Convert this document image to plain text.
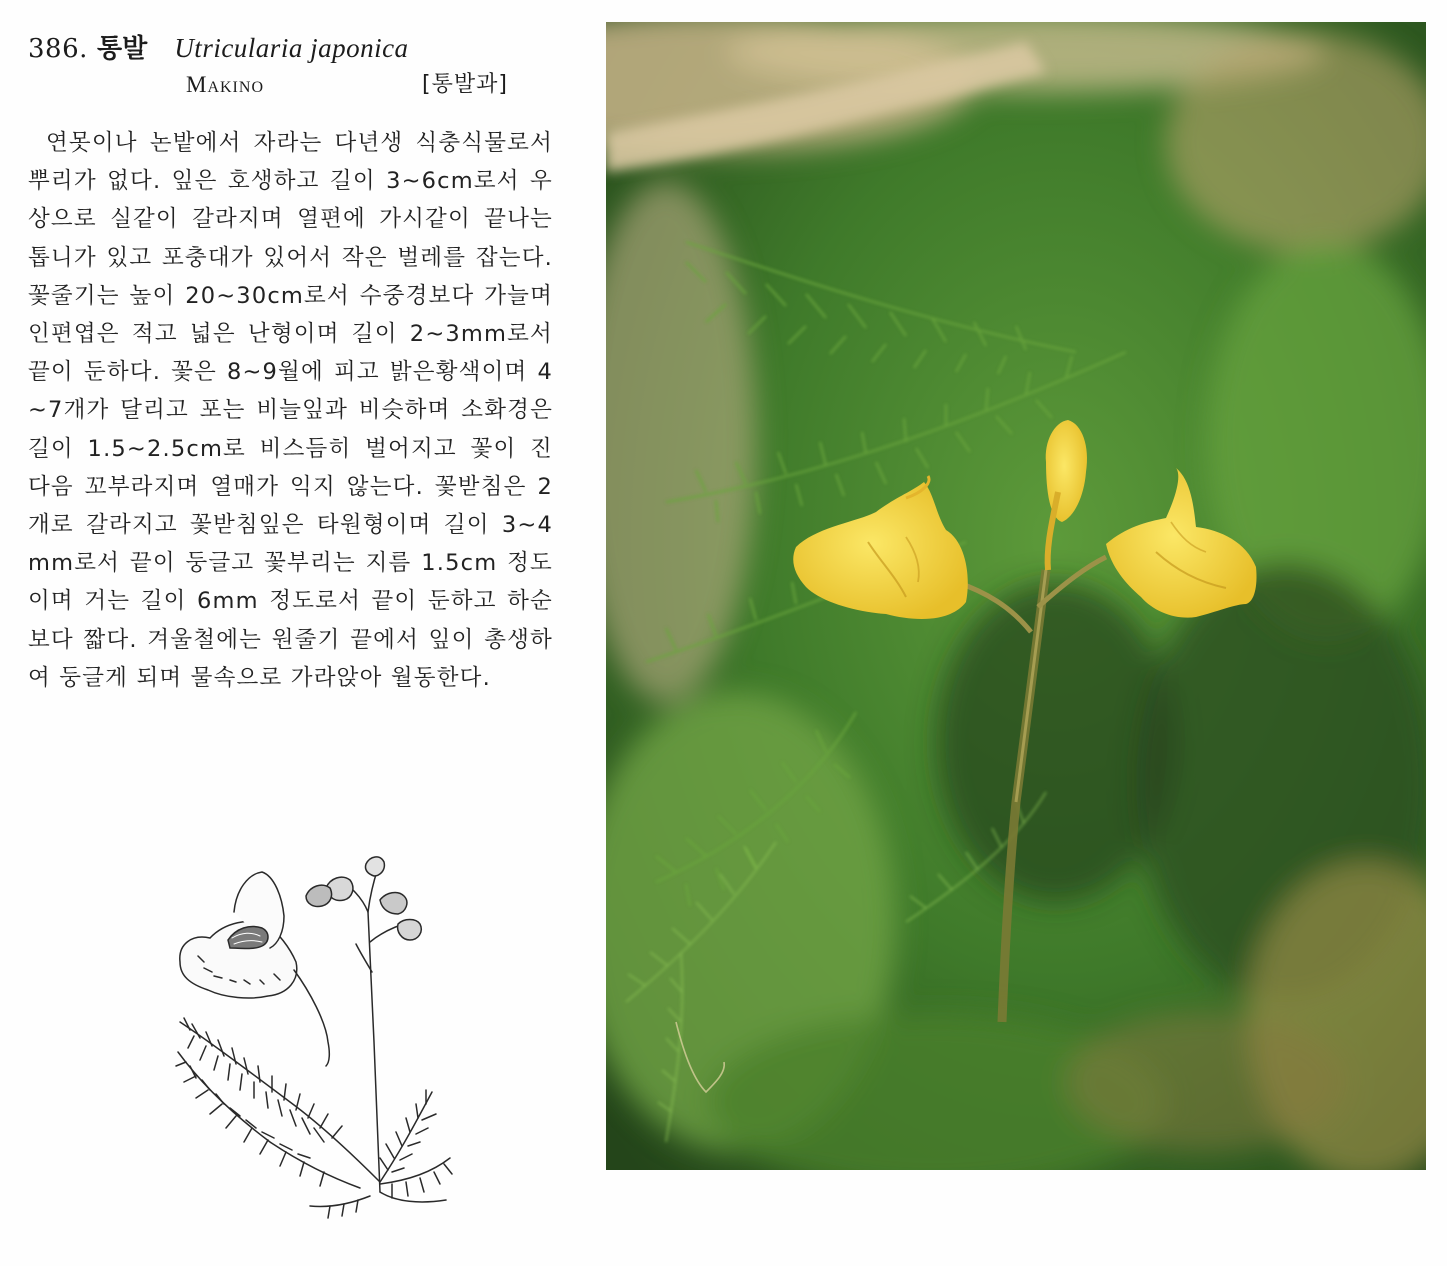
386. 통발 Utricularia japonica
Makino	[통발과]

연못이나 논밭에서 자라는 다년생 식충식물로서 뿌리가 없다. 잎은 호생하고 길이 3~6cm로서 우상으로 실같이 갈라지며 열편에 가시같이 끝나는 톱니가 있고 포충대가 있어서 작은 벌레를 잡는다. 꽃줄기는 높이 20~30cm로서 수중경보다 가늘며 인편엽은 적고 넓은 난형이며 길이 2~3mm로서 끝이 둔하다. 꽃은 8~9월에 피고 밝은황색이며 4~7개가 달리고 포는 비늘잎과 비슷하며 소화경은 길이 1.5~2.5cm로 비스듬히 벌어지고 꽃이 진 다음 꼬부라지며 열매가 익지 않는다. 꽃받침은 2개로 갈라지고 꽃받침잎은 타원형이며 길이 3~4mm로서 끝이 둥글고 꽃부리는 지름 1.5cm 정도이며 거는 길이 6mm 정도로서 끝이 둔하고 하순보다 짧다. 겨울철에는 원줄기 끝에서 잎이 총생하여 둥글게 되며 물속으로 가라앉아 월동한다.
